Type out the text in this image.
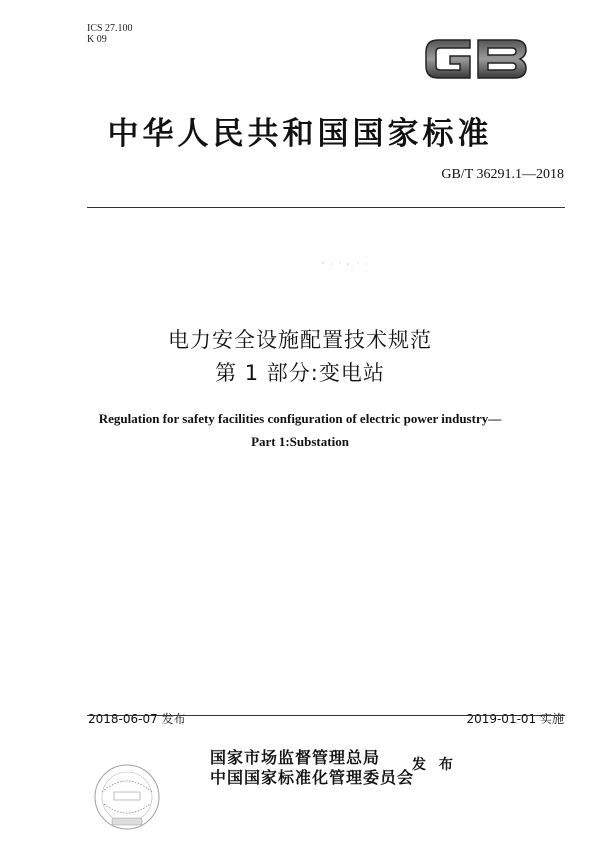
ICS 27.100
K 09
中华人民共和国国家标准
GB/T 36291.1—2018
电力安全设施配置技术规范
第 1 部分:变电站
Regulation for safety facilities configuration of electric power industry—
Part 1:Substation
2018-06-07 发布	2019-01-01 实施
国家市场监督管理总局
中国国家标准化管理委员会
发 布
